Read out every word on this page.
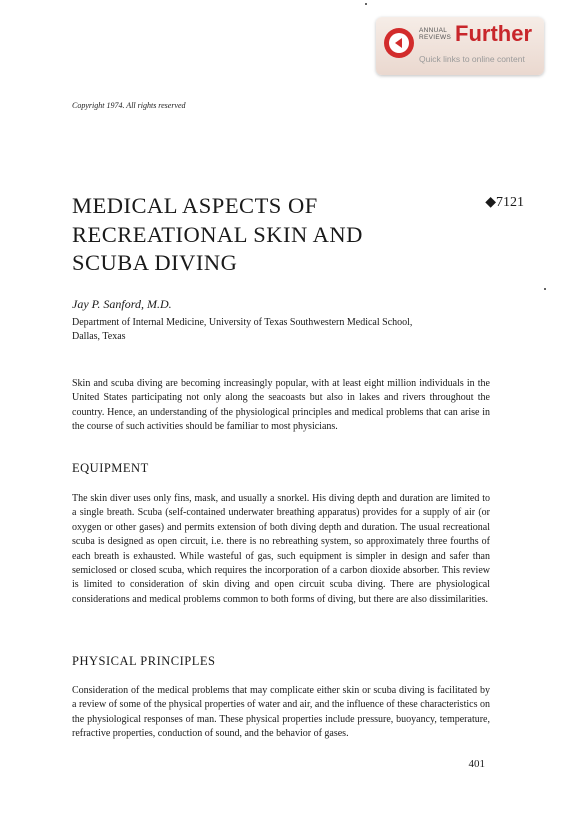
ANNUAL
REVIEWS Further
Quick links to online content
Copyright 1974. All rights reserved
MEDICAL ASPECTS OF
RECREATIONAL SKIN AND
SCUBA DIVING
◆7121
Jay P. Sanford, M.D.
Department of Internal Medicine, University of Texas Southwestern Medical School,
Dallas, Texas

Skin and scuba diving are becoming increasingly popular, with at least eight million individuals in the United States participating not only along the seacoasts but also in lakes and rivers throughout the country. Hence, an understanding of the physiological principles and medical problems that can arise in the course of such activities should be familiar to most physicians.

EQUIPMENT

The skin diver uses only fins, mask, and usually a snorkel. His diving depth and duration are limited to a single breath. Scuba (self-contained underwater breathing apparatus) provides for a supply of air (or oxygen or other gases) and permits extension of both diving depth and duration. The usual recreational scuba is designed as open circuit, i.e. there is no rebreathing system, so approximately three fourths of each breath is exhausted. While wasteful of gas, such equipment is simpler in design and safer than semiclosed or closed scuba, which requires the incorporation of a carbon dioxide absorber. This review is limited to consideration of skin diving and open circuit scuba diving. There are physiological considerations and medical problems common to both forms of diving, but there are also dissimilarities.

PHYSICAL PRINCIPLES

Consideration of the medical problems that may complicate either skin or scuba diving is facilitated by a review of some of the physical properties of water and air, and the influence of these characteristics on the physiological responses of man. These physical properties include pressure, buoyancy, temperature, refractive properties, conduction of sound, and the behavior of gases.

401
